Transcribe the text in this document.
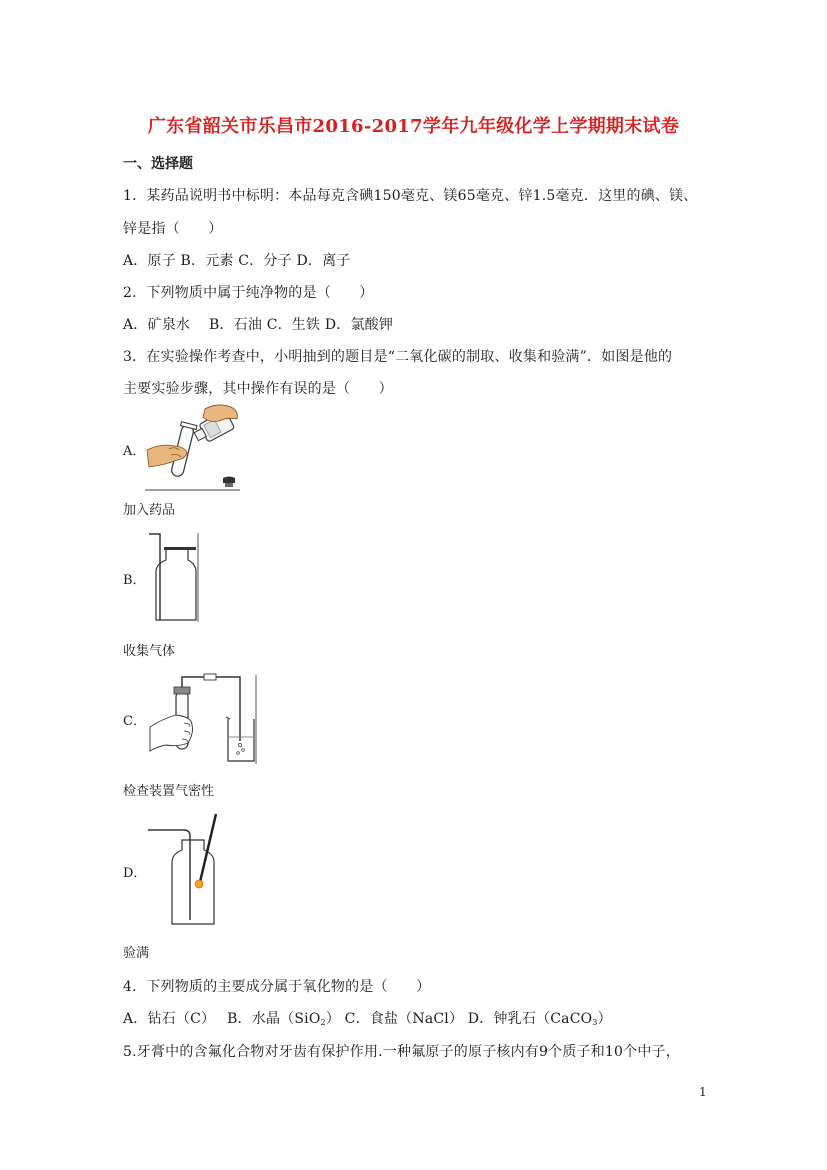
广东省韶关市乐昌市2016-2017学年九年级化学上学期期末试卷
一、选择题
1．某药品说明书中标明：本品每克含碘150毫克、镁65毫克、锌1.5毫克．这里的碘、镁、
锌是指（　　）
A．原子 B．元素 C．分子 D．离子
2．下列物质中属于纯净物的是（　　）
A．矿泉水　 B．石油 C．生铁 D．氯酸钾
3．在实验操作考查中，小明抽到的题目是“二氧化碳的制取、收集和验满”．如图是他的
主要实验步骤，其中操作有误的是（　　）
A．
加入药品
B．
收集气体
C．
检查装置气密性
D．
验满
4．下列物质的主要成分属于氧化物的是（　　）
A．钻石（C）　 B．水晶（SiO$_2$） C．食盐（NaCl） D．钟乳石（CaCO$_3$）
5.牙膏中的含氟化合物对牙齿有保护作用.一种氟原子的原子核内有9个质子和10个中子，
1
